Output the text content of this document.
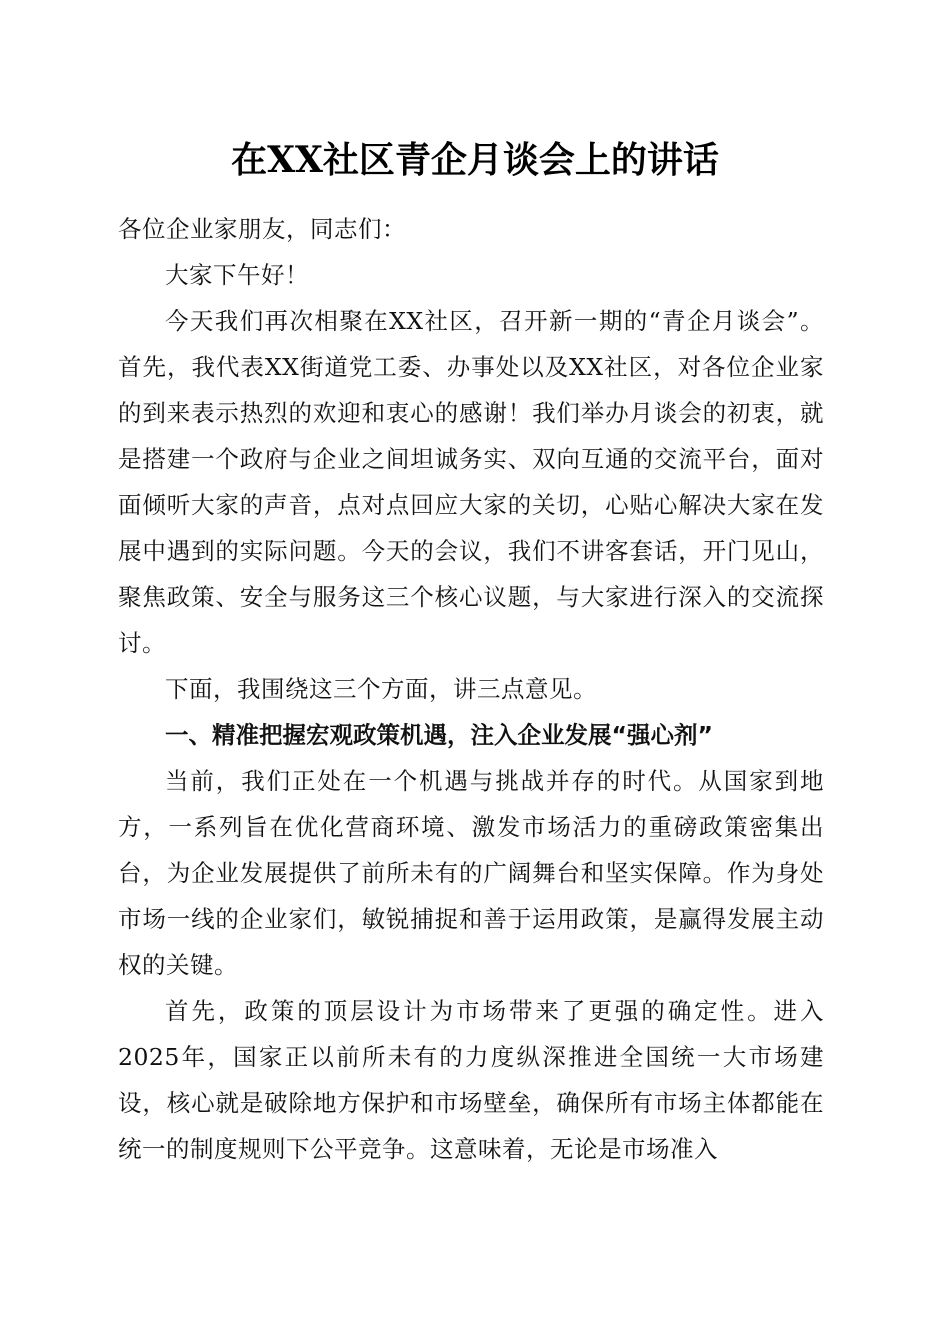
在XX社区青企月谈会上的讲话

各位企业家朋友，同志们：

大家下午好！

今天我们再次相聚在XX社区，召开新一期的“青企月谈会”。首先，我代表XX街道党工委、办事处以及XX社区，对各位企业家的到来表示热烈的欢迎和衷心的感谢！我们举办月谈会的初衷，就是搭建一个政府与企业之间坦诚务实、双向互通的交流平台，面对面倾听大家的声音，点对点回应大家的关切，心贴心解决大家在发展中遇到的实际问题。今天的会议，我们不讲客套话，开门见山，聚焦政策、安全与服务这三个核心议题，与大家进行深入的交流探讨。

下面，我围绕这三个方面，讲三点意见。

一、精准把握宏观政策机遇，注入企业发展“强心剂”

当前，我们正处在一个机遇与挑战并存的时代。从国家到地方，一系列旨在优化营商环境、激发市场活力的重磅政策密集出台，为企业发展提供了前所未有的广阔舞台和坚实保障。作为身处市场一线的企业家们，敏锐捕捉和善于运用政策，是赢得发展主动权的关键。

首先，政策的顶层设计为市场带来了更强的确定性。进入2025年，国家正以前所未有的力度纵深推进全国统一大市场建设，核心就是破除地方保护和市场壁垒，确保所有市场主体都能在统一的制度规则下公平竞争。这意味着，无论是市场准入
